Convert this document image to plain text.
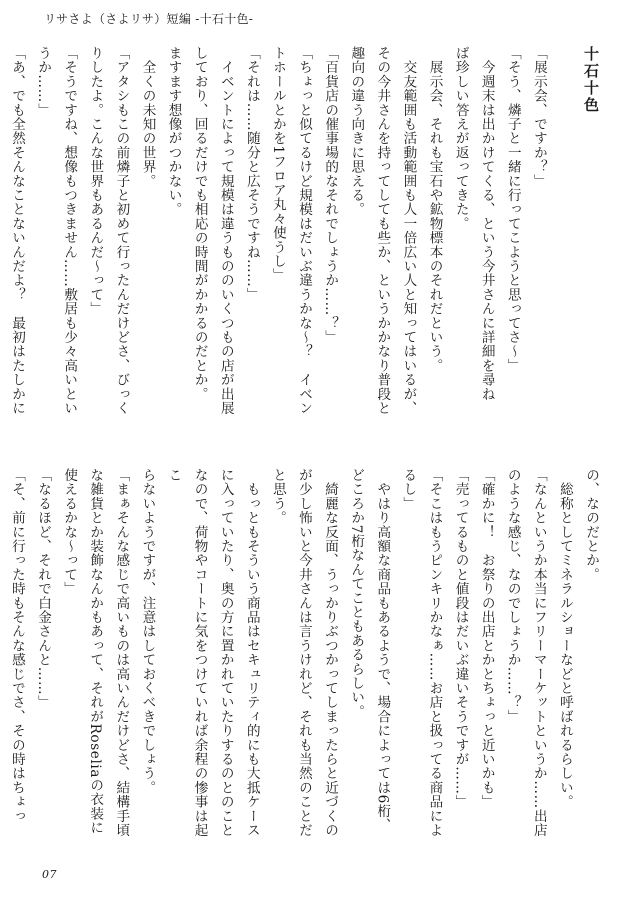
リサさよ（さよリサ）短編 -十石十色-

十石十色

「展示会、ですか？」

「そう、燐子と一緒に行ってこようと思ってさ〜」

　今週末は出かけてくる、という今井さんに詳細を尋ね

ば珍しい答えが返ってきた。

　展示会、それも宝石や鉱物標本のそれだという。

　交友範囲も活動範囲も人一倍広い人と知ってはいるが、

その今井さんを持ってしても些か、というかかなり普段と

趣向の違う向きに思える。

「百貨店の催事場的なそれでしょうか……？」

「ちょっと似てるけど規模はだいぶ違うかな〜？　イベン

トホールとかを1フロア丸々使うし」

「それは……随分と広そうですね……」

　イベントによって規模は違うもののいくつもの店が出展

しており、回るだけでも相応の時間がかかるのだとか。

ますます想像がつかない。

　全くの未知の世界。

「アタシもこの前燐子と初めて行ったんだけどさ、びっく

りしたよ。こんな世界もあるんだ〜って」

「そうですね、想像もつきません……敷居も少々高いとい

うか……」

「あ、でも全然そんなことないんだよ？　最初はたしかに

の、なのだとか。

　総称としてミネラルショーなどと呼ばれるらしい。

「なんというか本当にフリーマーケットというか……出店

のような感じ、なのでしょうか……？」

「確かに！　お祭りの出店とかとちょっと近いかも」

「売ってるものと値段はだいぶ違いそうですが……」

「そこはもうピンキリかなぁ……お店と扱ってる商品によ

るし」

　やはり高額な商品もあるようで、場合によっては6桁、

どころか7桁なんてこともあるらしい。

　綺麗な反面、うっかりぶつかってしまったらと近づくの

が少し怖いと今井さんは言うけれど、それも当然のことだ

と思う。

　もっともそういう商品はセキュリティ的にも大抵ケース

に入っていたり、奥の方に置かれていたりするのとのこと

なので、荷物やコートに気をつけていれば余程の惨事は起こ

らないようですが、注意はしておくべきでしょう。

「まぁそんな感じで高いものは高いんだけどさ、結構手頃

な雑貨とか装飾なんかもあって、それがRoseliaの衣装に

使えるかな〜って」

「なるほど、それで白金さんと……」

「そ、前に行った時もそんな感じでさ、その時はちょっ

07
